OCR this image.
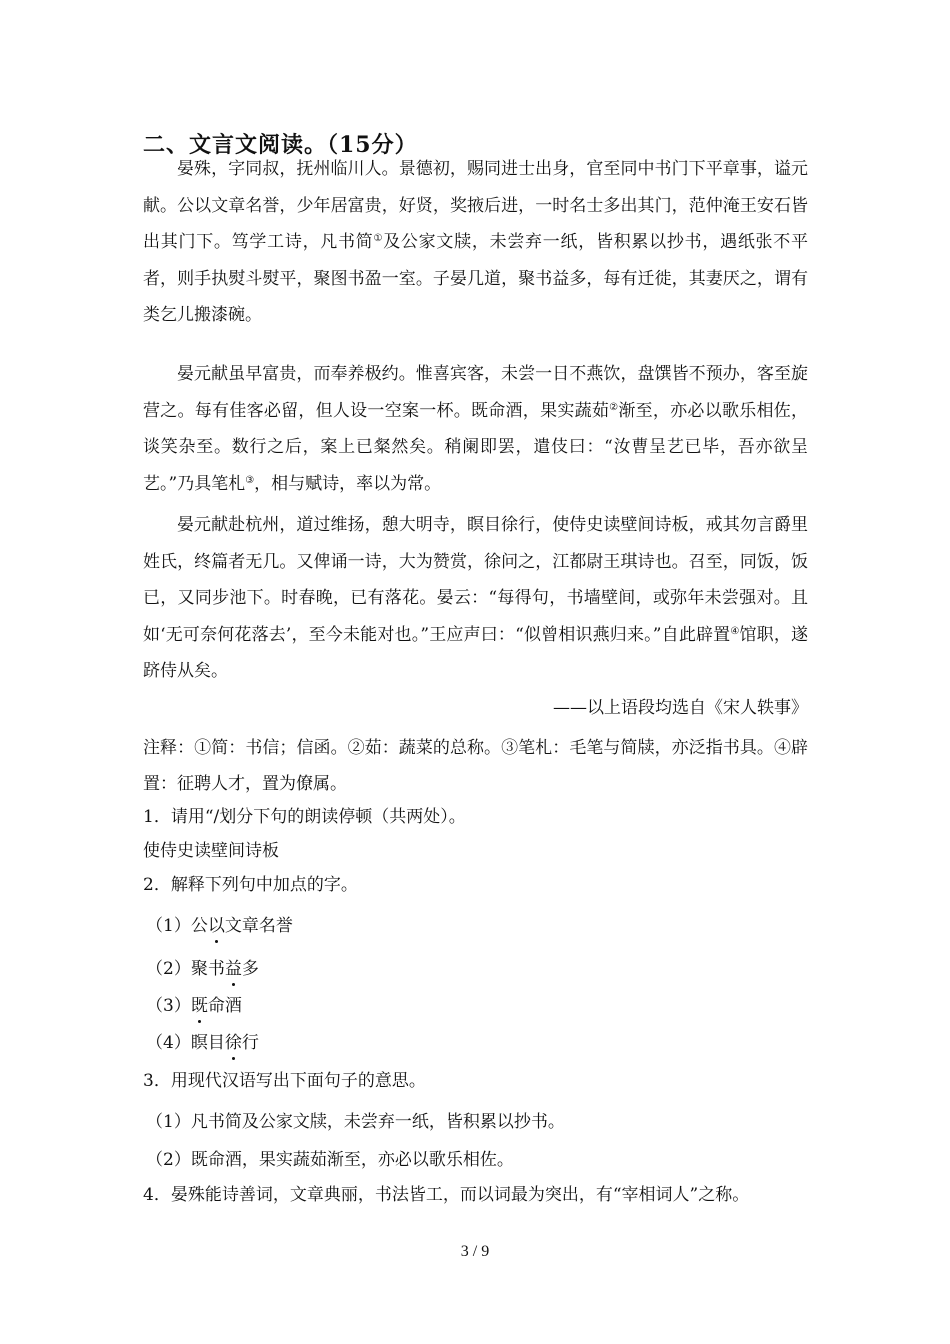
二、文言文阅读。（15分）

晏殊，字同叔，抚州临川人。景德初，赐同进士出身，官至同中书门下平章事，谥元献。公以文章名誉，少年居富贵，好贤，奖掖后进，一时名士多出其门，范仲淹王安石皆出其门下。笃学工诗，凡书简①及公家文牍，未尝弃一纸，皆积累以抄书，遇纸张不平者，则手执熨斗熨平，聚图书盈一室。子晏几道，聚书益多，每有迁徙，其妻厌之，谓有类乞儿搬漆碗。

晏元献虽早富贵，而奉养极约。惟喜宾客，未尝一日不燕饮，盘馔皆不预办，客至旋营之。每有佳客必留，但人设一空案一杯。既命酒，果实蔬茹②渐至，亦必以歌乐相佐， 谈笑杂至。数行之后，案上已粲然矣。稍阑即罢，遣伎曰：“汝曹呈艺已毕，吾亦欲呈艺。”乃具笔札③，相与赋诗，率以为常。

晏元献赴杭州，道过维扬，憩大明寺，瞑目徐行，使侍史读壁间诗板，戒其勿言爵里姓氏，终篇者无几。又俾诵一诗，大为赞赏，徐问之，江都尉王琪诗也。召至，同饭，饭已，又同步池下。时春晚，已有落花。晏云：“每得句，书墙壁间，或弥年未尝强对。且如‘无可奈何花落去’，至今未能对也。”王应声曰：“似曾相识燕归来。”自此辟置④馆职，遂跻侍从矣。

——以上语段均选自《宋人轶事》

注释：①简：书信；信函。②茹：蔬菜的总称。③笔札：毛笔与简牍，亦泛指书具。④辟置：征聘人才，置为僚属。

1．请用“/划分下句的朗读停顿（共两处）。
使侍史读壁间诗板
2．解释下列句中加点的字。
（1）公以文章名誉
（2）聚书益多
（3）既命酒
（4）瞑目徐行
3．用现代汉语写出下面句子的意思。
（1）凡书简及公家文牍，未尝弃一纸，皆积累以抄书。
（2）既命酒，果实蔬茹渐至，亦必以歌乐相佐。
4．晏殊能诗善词，文章典丽，书法皆工，而以词最为突出，有“宰相词人”之称。
3 / 9
